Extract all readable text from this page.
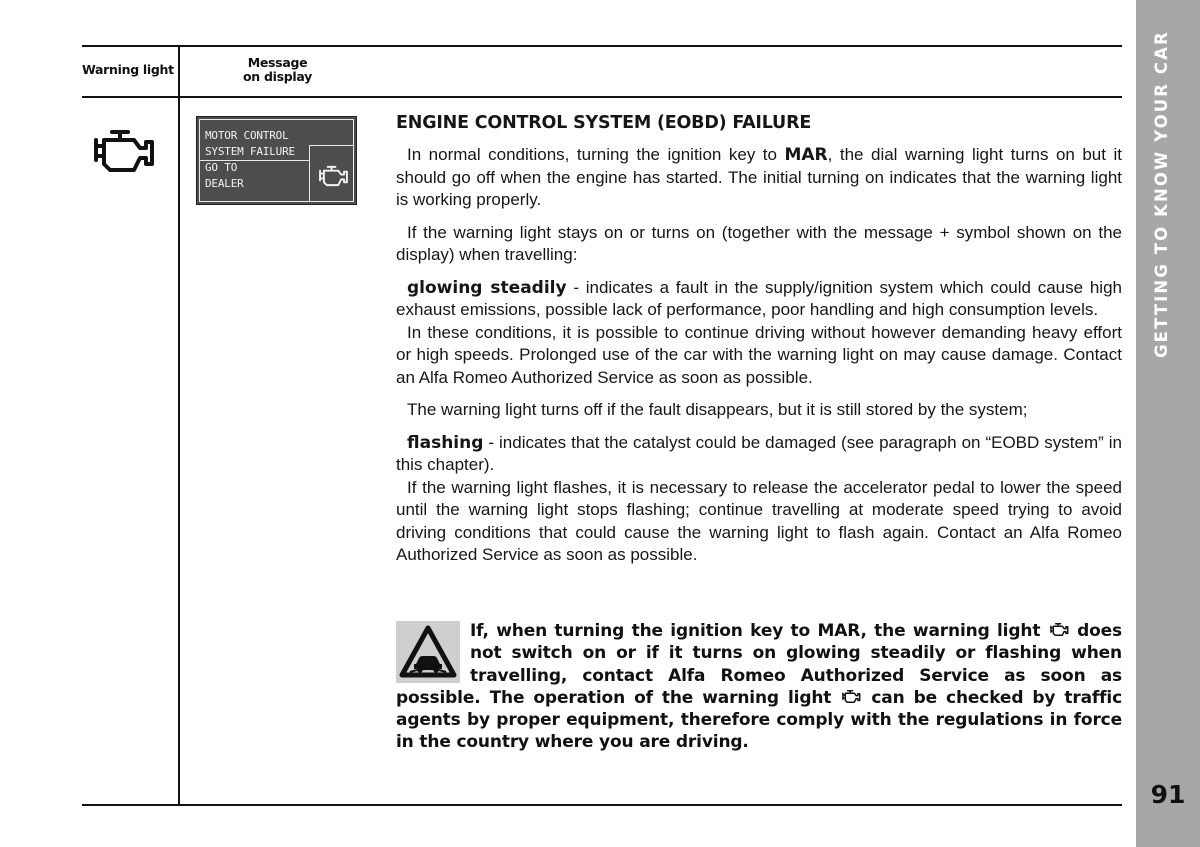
Warning light	Message
on display
MOTOR CONTROL
SYSTEM FAILURE
GO TO
DEALER
ENGINE CONTROL SYSTEM (EOBD) FAILURE

In normal conditions, turning the ignition key to MAR, the dial warning light turns on but it should go off when the engine has started. The initial turning on indicates that the warning light is working properly.

If the warning light stays on or turns on (together with the message + symbol shown on the display) when travelling:

glowing steadily - indicates a fault in the supply/ignition system which could cause high exhaust emissions, possible lack of performance, poor handling and high consumption levels.

In these conditions, it is possible to continue driving without however demanding heavy effort or high speeds. Prolonged use of the car with the warning light on may cause damage. Contact an Alfa Romeo Authorized Service as soon as possible.

The warning light turns off if the fault disappears, but it is still stored by the system;

flashing - indicates that the catalyst could be damaged (see paragraph on “EOBD system” in this chapter).

If the warning light flashes, it is necessary to release the accelerator pedal to lower the speed until the warning light stops flashing; continue travelling at moderate speed trying to avoid driving conditions that could cause the warning light to flash again. Contact an Alfa Romeo Authorized Service as soon as possible.

If, when turning the ignition key to MAR, the warning light  does not switch on or if it turns on glowing steadily or flashing when travelling, contact Alfa Romeo Authorized Service as soon as possible. The operation of the warning light  can be checked by traffic agents by proper equipment, therefore comply with the regulations in force in the country where you are driving.
GETTING TO KNOW YOUR CAR
91
